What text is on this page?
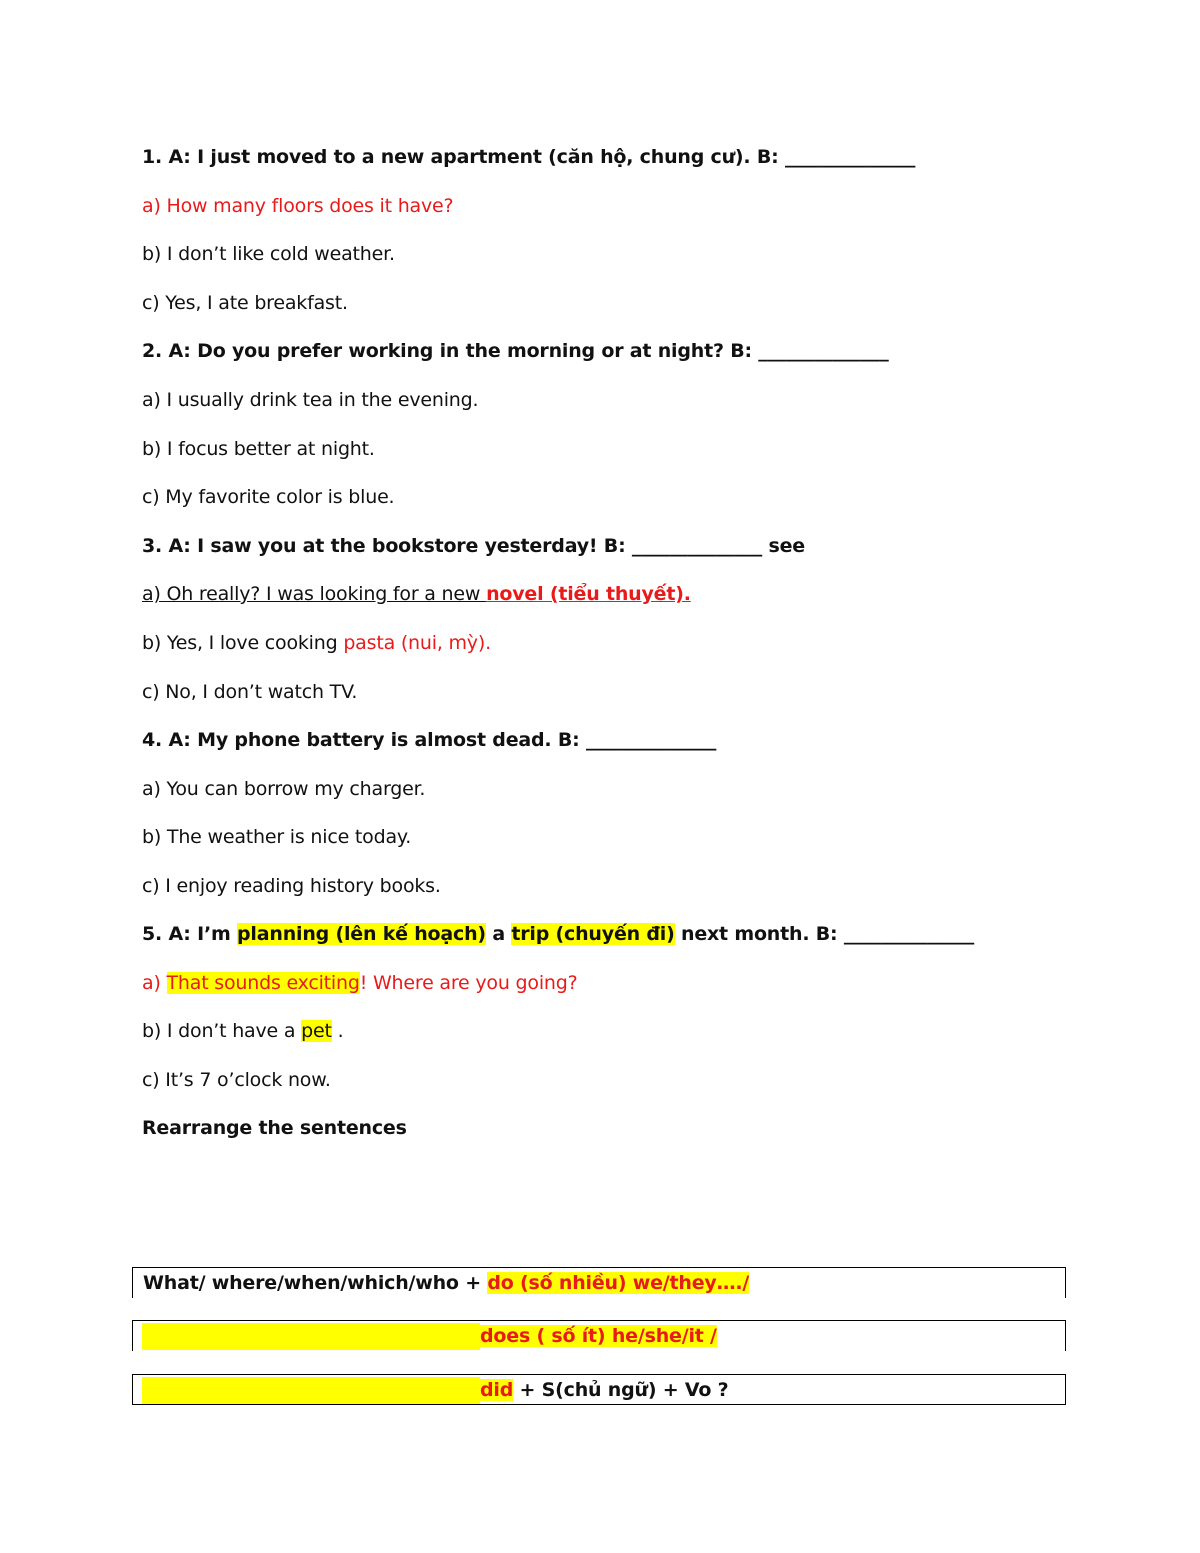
1. A: I just moved to a new apartment (căn hộ, chung cư). B: ______________
a) How many floors does it have?
b) I don’t like cold weather.
c) Yes, I ate breakfast.
2. A: Do you prefer working in the morning or at night? B: ______________
a) I usually drink tea in the evening.
b) I focus better at night.
c) My favorite color is blue.
3. A: I saw you at the bookstore yesterday! B: ______________ see
a) Oh really? I was looking for a new novel (tiểu thuyết).
b) Yes, I love cooking pasta (nui, mỳ).
c) No, I don’t watch TV.
4. A: My phone battery is almost dead. B: ______________
a) You can borrow my charger.
b) The weather is nice today.
c) I enjoy reading history books.
5. A: I’m planning (lên kế hoạch) a trip (chuyến đi) next month. B: ______________
a) That sounds exciting! Where are you going?
b) I don’t have a pet .
c) It’s 7 o’clock now.
Rearrange the sentences
What/ where/when/which/who + do (số nhiều) we/they…./
does ( số ít) he/she/it /
did + S(chủ ngữ) + Vo ?
